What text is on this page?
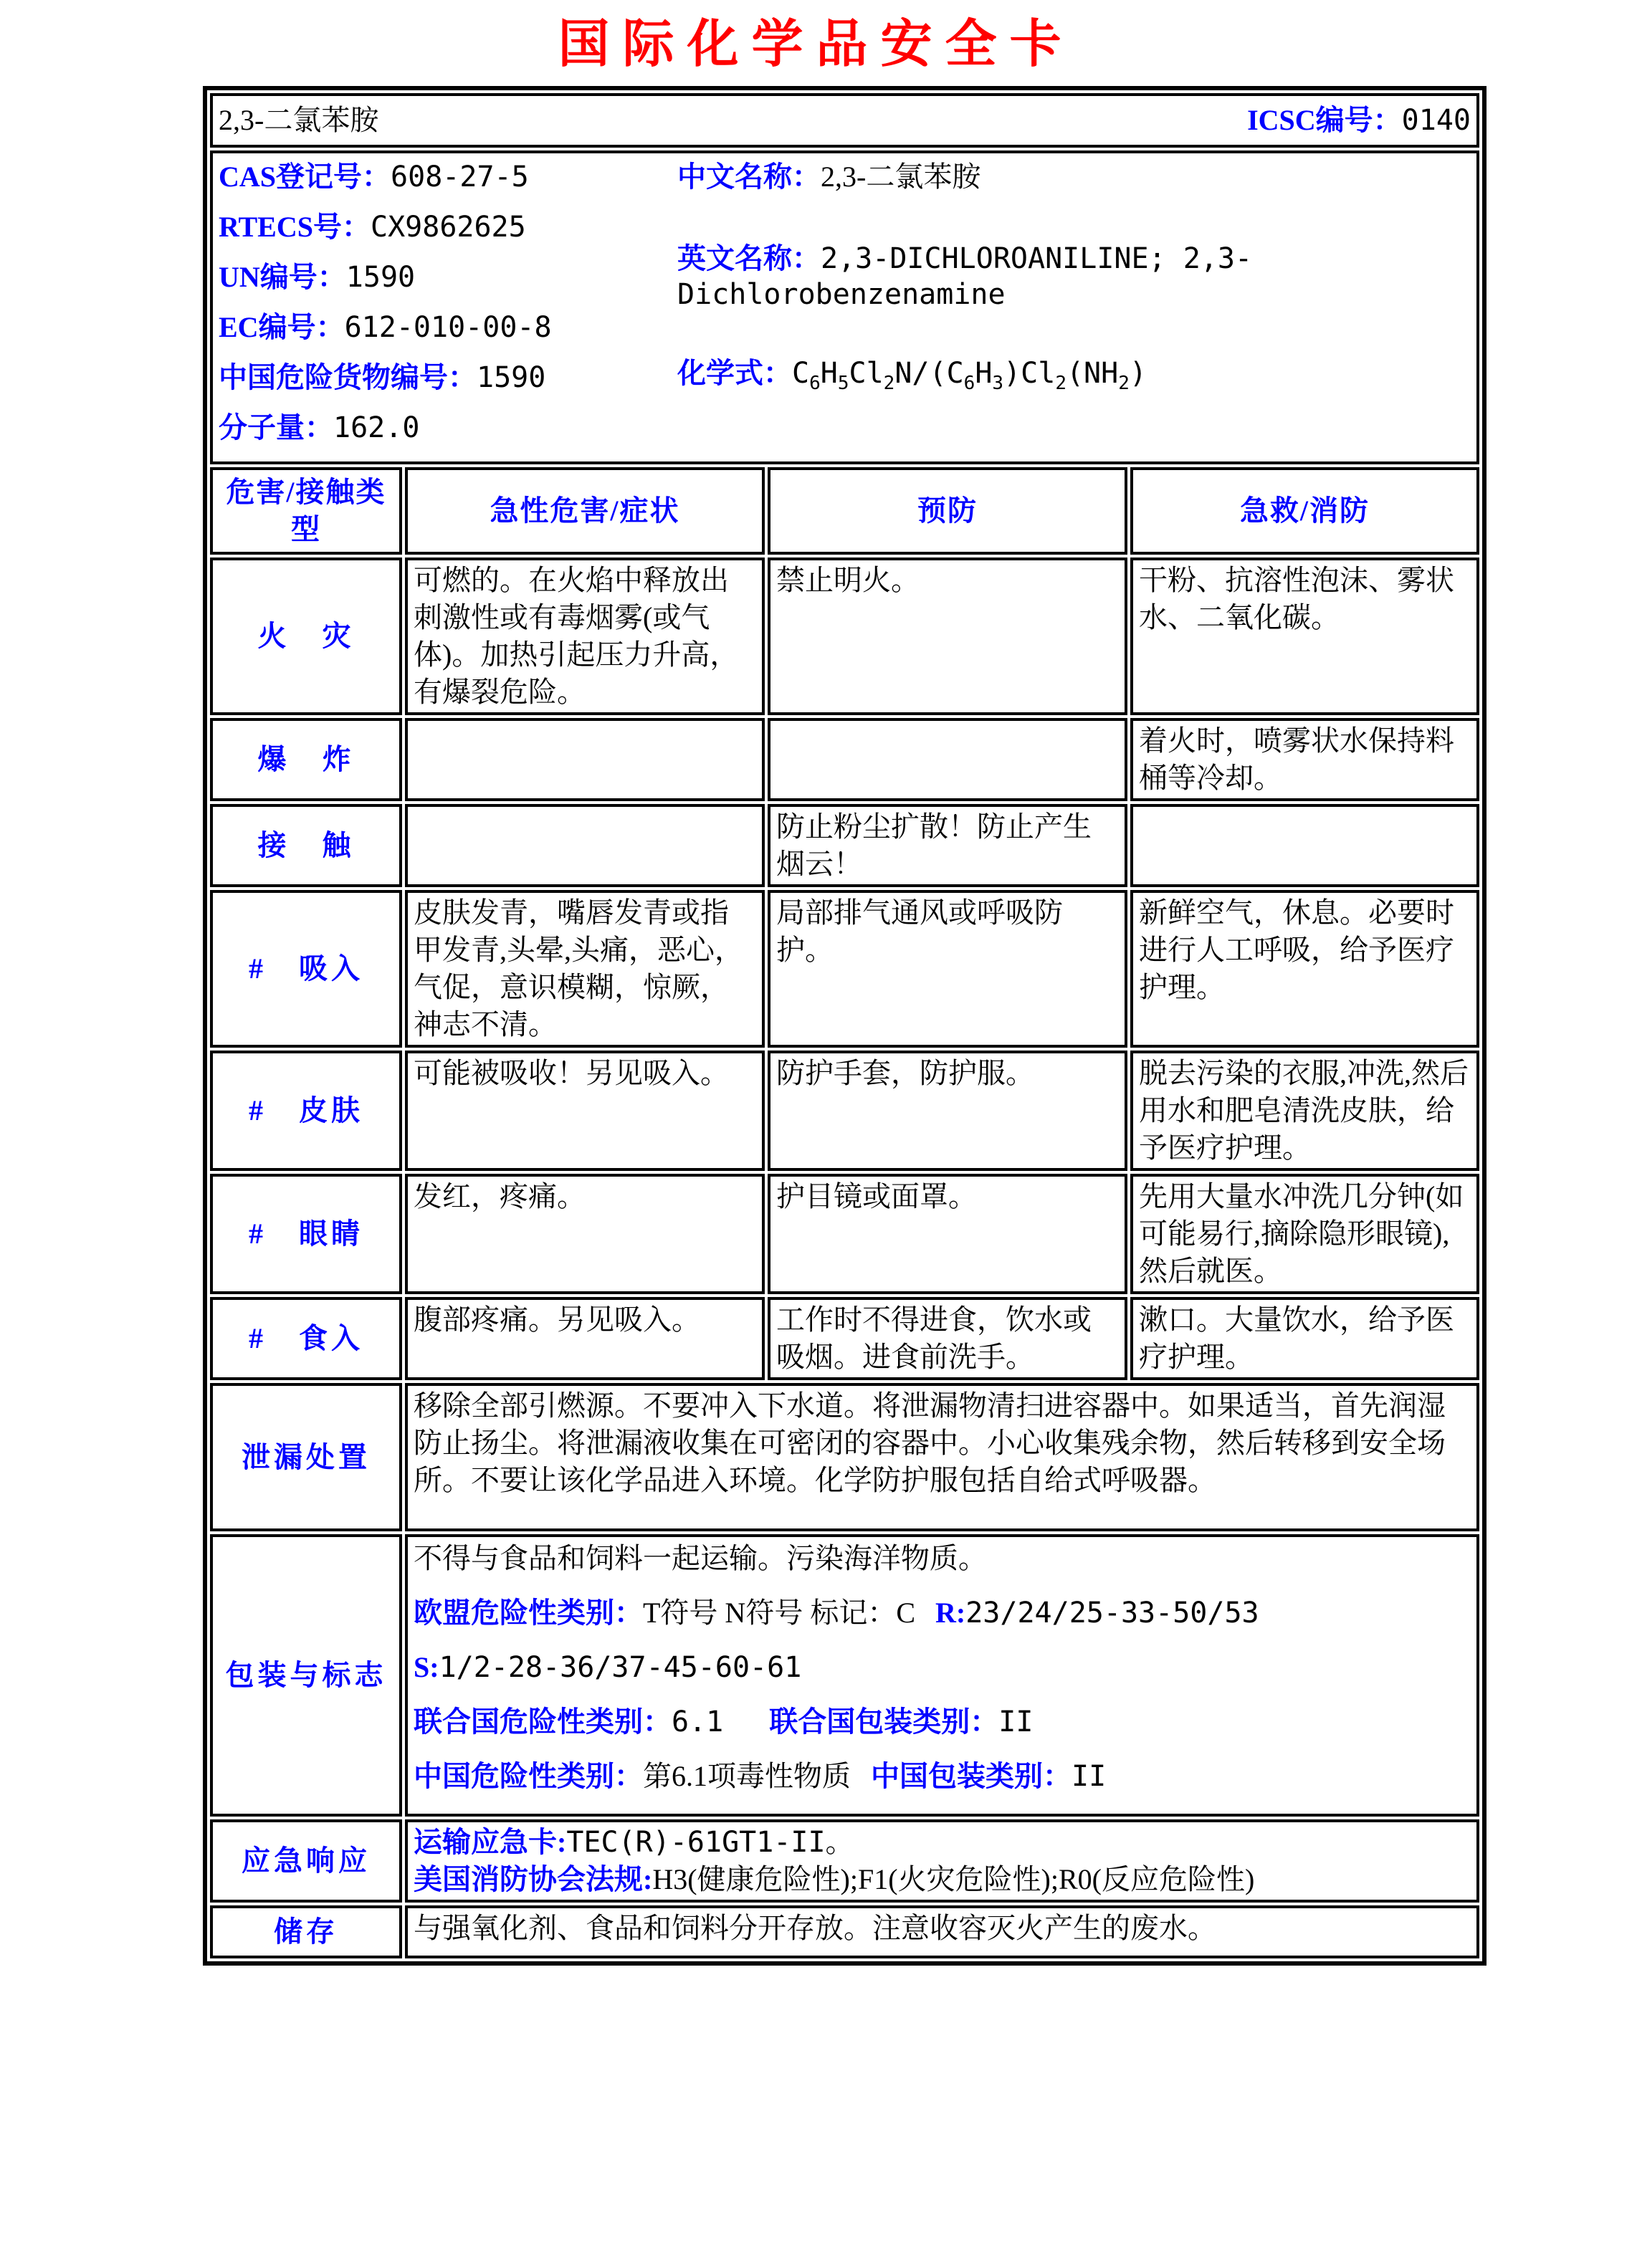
国际化学品安全卡
2,3-二氯苯胺 ICSC编号：0140			

CAS登记号：608-27-5
RTECS号：CX9862625
UN编号：1590
EC编号：612-010-00-8
中国危险货物编号：1590
分子量：162.0
中文名称：2,3-二氯苯胺
英文名称：2,3-DICHLOROANILINE; 2,3-Dichlorobenzenamine
化学式：$C_6H_5Cl_2N/(C_6H_3)Cl_2(NH_2)$

危害/接触类型	急性危害/症状	预防	急救/消防
火　灾	可燃的。在火焰中释放出刺激性或有毒烟雾(或气体)。加热引起压力升高，有爆裂危险。	禁止明火。	干粉、抗溶性泡沫、雾状水、二氧化碳。
爆　炸			着火时，喷雾状水保持料桶等冷却。
接　触		防止粉尘扩散！防止产生烟云！	
#　吸入	皮肤发青，嘴唇发青或指甲发青,头晕,头痛，恶心，气促，意识模糊，惊厥，神志不清。	局部排气通风或呼吸防护。	新鲜空气，休息。必要时进行人工呼吸，给予医疗护理。
#　皮肤	可能被吸收！另见吸入。	防护手套，防护服。	脱去污染的衣服,冲洗,然后用水和肥皂清洗皮肤，给予医疗护理。
#　眼睛	发红，疼痛。	护目镜或面罩。	先用大量水冲洗几分钟(如可能易行,摘除隐形眼镜),然后就医。
#　食入	腹部疼痛。另见吸入。	工作时不得进食，饮水或吸烟。进食前洗手。	漱口。大量饮水，给予医疗护理。
泄漏处置	移除全部引燃源。不要冲入下水道。将泄漏物清扫进容器中。如果适当，首先润湿防止扬尘。将泄漏液收集在可密闭的容器中。小心收集残余物，然后转移到安全场所。不要让该化学品进入环境。化学防护服包括自给式呼吸器。		
包装与标志	不得与食品和饲料一起运输。污染海洋物质。
欧盟危险性类别：T符号 N符号 标记：C R:23/24/25-33-50/53
S:1/2-28-36/37-45-60-61
联合国危险性类别：6.1 联合国包装类别：II
中国危险性类别：第6.1项毒性物质 中国包装类别：II		

应急响应	运输应急卡:TEC(R)-61GT1-II。
美国消防协会法规:H3(健康危险性);F1(火灾危险性);R0(反应危险性)		

储存	与强氧化剂、食品和饲料分开存放。注意收容灭火产生的废水。		
